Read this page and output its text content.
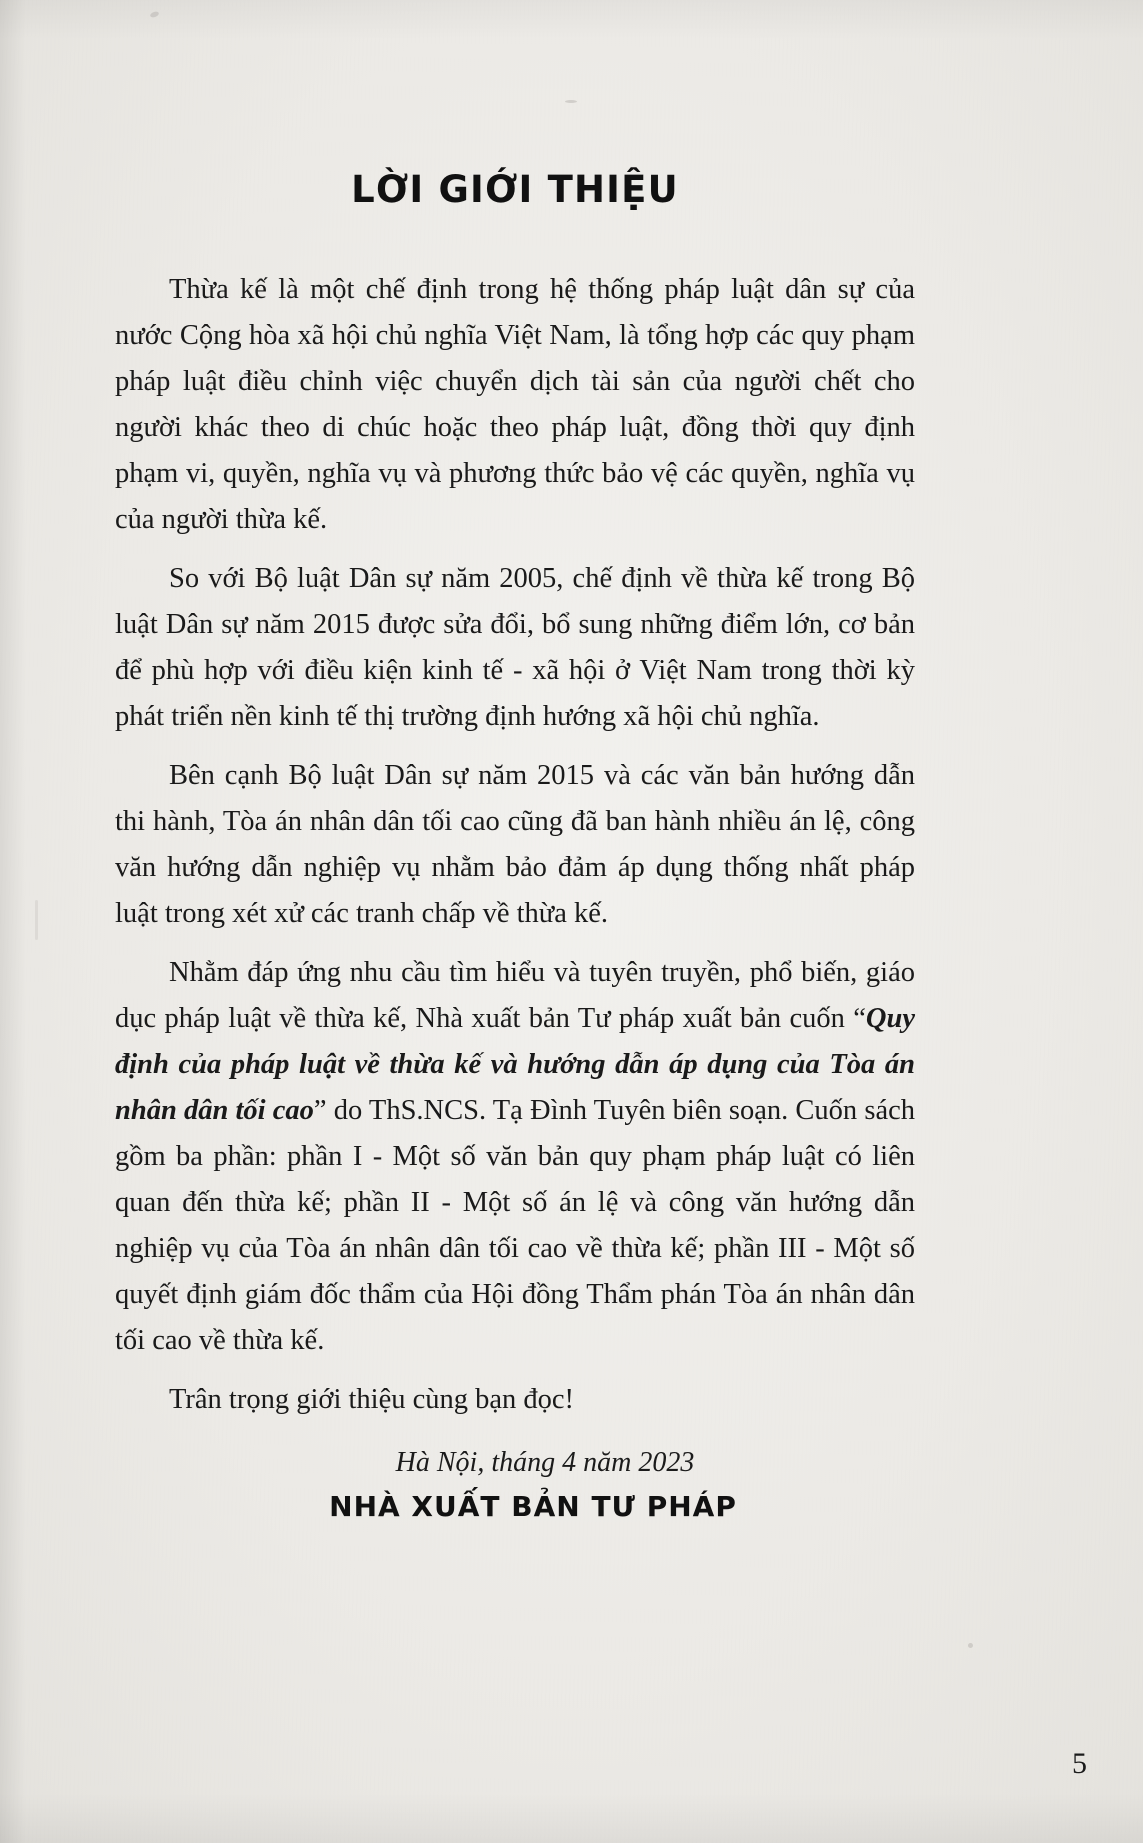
LỜI GIỚI THIỆU

Thừa kế là một chế định trong hệ thống pháp luật dân sự của nước Cộng hòa xã hội chủ nghĩa Việt Nam, là tổng hợp các quy phạm pháp luật điều chỉnh việc chuyển dịch tài sản của người chết cho người khác theo di chúc hoặc theo pháp luật, đồng thời quy định phạm vi, quyền, nghĩa vụ và phương thức bảo vệ các quyền, nghĩa vụ của người thừa kế.

So với Bộ luật Dân sự năm 2005, chế định về thừa kế trong Bộ luật Dân sự năm 2015 được sửa đổi, bổ sung những điểm lớn, cơ bản để phù hợp với điều kiện kinh tế - xã hội ở Việt Nam trong thời kỳ phát triển nền kinh tế thị trường định hướng xã hội chủ nghĩa.

Bên cạnh Bộ luật Dân sự năm 2015 và các văn bản hướng dẫn thi hành, Tòa án nhân dân tối cao cũng đã ban hành nhiều án lệ, công văn hướng dẫn nghiệp vụ nhằm bảo đảm áp dụng thống nhất pháp luật trong xét xử các tranh chấp về thừa kế.

Nhằm đáp ứng nhu cầu tìm hiểu và tuyên truyền, phổ biến, giáo dục pháp luật về thừa kế, Nhà xuất bản Tư pháp xuất bản cuốn “Quy định của pháp luật về thừa kế và hướng dẫn áp dụng của Tòa án nhân dân tối cao” do ThS.NCS. Tạ Đình Tuyên biên soạn. Cuốn sách gồm ba phần: phần I - Một số văn bản quy phạm pháp luật có liên quan đến thừa kế; phần II - Một số án lệ và công văn hướng dẫn nghiệp vụ của Tòa án nhân dân tối cao về thừa kế; phần III - Một số quyết định giám đốc thẩm của Hội đồng Thẩm phán Tòa án nhân dân tối cao về thừa kế.

Trân trọng giới thiệu cùng bạn đọc!

Hà Nội, tháng 4 năm 2023
NHÀ XUẤT BẢN TƯ PHÁP
5
